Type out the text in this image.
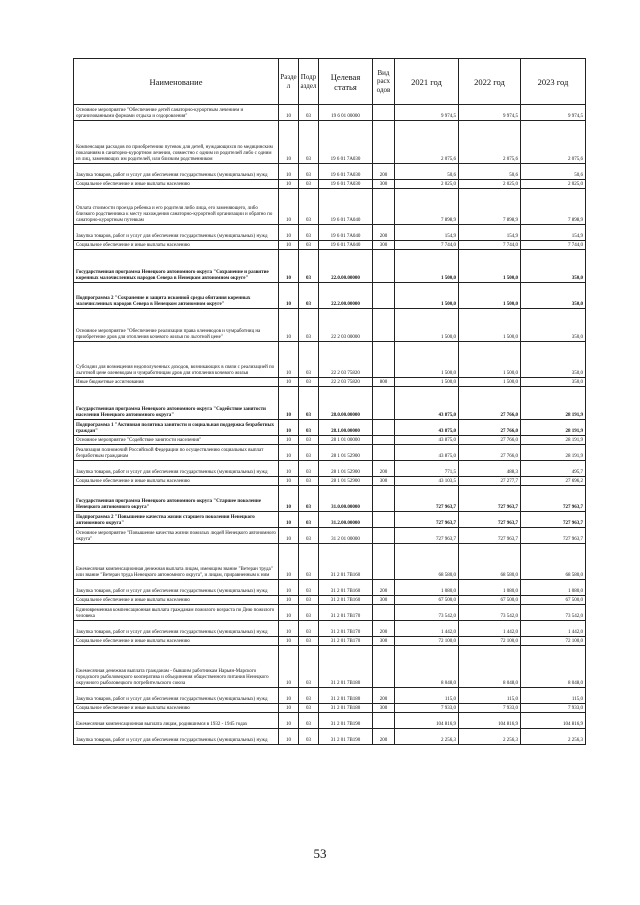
Наименование	Разде л	Подр аздел	Целевая статья	Вид расх одов	2021 год	2022 год	2023 год
Основное мероприятие "Обеспечение детей санаторно-курортным лечением и организованными формами отдыха и оздоровления"	10	03	19 6 01 00000		9 974,5	9 974,5	9 974,5
Компенсация расходов по приобретению путевок для детей, нуждающихся по медицинским показаниям в санаторно-курортном лечении, совместно с одним из родителей либо с одним из лиц, заменяющих им родителей, или близким родственником	10	03	19 6 01 7А030		2 075,6	2 075,6	2 075,6
Закупка товаров, работ и услуг для обеспечения государственных (муниципальных) нужд	10	03	19 6 01 7А030	200	50,6	50,6	50,6
Социальное обеспечение и иные выплаты населению	10	03	19 6 01 7А030	300	2 025,0	2 025,0	2 025,0
Оплата стоимости проезда ребенка и его родителя либо лица, его заменяющего, либо близкого родственника к месту нахождения санаторно-курортной организации и обратно по санаторно-курортным путевкам	10	03	19 6 01 7А040		7 898,9	7 898,9	7 898,9
Закупка товаров, работ и услуг для обеспечения государственных (муниципальных) нужд	10	03	19 6 01 7А040	200	154,9	154,9	154,9
Социальное обеспечение и иные выплаты населению	10	03	19 6 01 7А040	300	7 744,0	7 744,0	7 744,0
Государственная программа Ненецкого автономного округа "Сохранение и развитие коренных малочисленных народов Севера в Ненецком автономном округе"	10	03	22.0.00.00000		1 500,0	1 500,0	350,0
Подпрограмма 2 "Сохранение и защита исконной среды обитания коренных малочисленных народов Севера в Ненецком автономном округе"	10	03	22.2.00.00000		1 500,0	1 500,0	350,0
Основное мероприятие "Обеспечение реализации права оленеводов и чумработниц на приобретение дров для отопления кочевого жилья по льготной цене"	10	03	22 2 03 00000		1 500,0	1 500,0	350,0
Субсидии для возмещения недополученных доходов, возникающих в связи с реализацией по льготной цене оленеводам и чумработницам дров для отопления кочевого жилья	10	03	22 2 03 75820		1 500,0	1 500,0	350,0
Иные бюджетные ассигнования	10	03	22 2 03 75820	800	1 500,0	1 500,0	350,0
Государственная программа Ненецкого автономного округа "Содействие занятости населения Ненецкого автономного округа"	10	03	28.0.00.00000		43 875,0	27 766,0	28 191,9
Подпрограмма 1 "Активная политика занятости и социальная поддержка безработных граждан"	10	03	28.1.00.00000		43 875,0	27 766,0	28 191,9
Основное мероприятие "Содействие занятости населения"	10	03	28 1 01 00000		43 875,0	27 766,0	28 191,9
Реализация полномочий Российской Федерации по осуществлению социальных выплат безработным гражданам	10	03	28 1 01 52900		43 875,0	27 766,0	28 191,9
Закупка товаров, работ и услуг для обеспечения государственных (муниципальных) нужд	10	03	28 1 01 52900	200	771,5	488,3	495,7
Социальное обеспечение и иные выплаты населению	10	03	28 1 01 52900	300	43 103,5	27 277,7	27 696,2
Государственная программа Ненецкого автономного округа "Старшее поколение Ненецкого автономного округа"	10	03	31.0.00.00000		727 963,7	727 963,7	727 963,7
Подпрограмма 2 "Повышение качества жизни старшего поколения Ненецкого автономного округа"	10	03	31.2.00.00000		727 963,7	727 963,7	727 963,7
Основное мероприятие "Повышение качества жизни пожилых людей Ненецкого автономного округа"	10	03	31 2 01 00000		727 963,7	727 963,7	727 963,7
Ежемесячная компенсационная денежная выплата лицам, имеющим звание "Ветеран труда" или звание "Ветеран труда Ненецкого автономного округа", и лицам, приравненным к ним	10	03	31 2 01 7В160		68 580,0	68 580,0	68 580,0
Закупка товаров, работ и услуг для обеспечения государственных (муниципальных) нужд	10	03	31 2 01 7В160	200	1 080,0	1 080,0	1 080,0
Социальное обеспечение и иные выплаты населению	10	03	31 2 01 7В160	300	67 500,0	67 500,0	67 500,0
Единовременная компенсационная выплата гражданам пожилого возраста по Дню пожилого человека	10	03	31 2 01 7В170		73 542,0	73 542,0	73 542,0
Закупка товаров, работ и услуг для обеспечения государственных (муниципальных) нужд	10	03	31 2 01 7В170	200	1 442,0	1 442,0	1 442,0
Социальное обеспечение и иные выплаты населению	10	03	31 2 01 7В170	300	72 100,0	72 100,0	72 100,0
Ежемесячная денежная выплата гражданам - бывшим работникам Нарьян-Марского городского рыболовецкого кооператива и объединения общественного питания Ненецкого окружного рыболовецкого потребительского союза	10	03	31 2 01 7В180		8 048,0	8 048,0	8 048,0
Закупка товаров, работ и услуг для обеспечения государственных (муниципальных) нужд	10	03	31 2 01 7В180	200	115,0	115,0	115,0
Социальное обеспечение и иные выплаты населению	10	03	31 2 01 7В180	300	7 933,0	7 933,0	7 933,0
Ежемесячная компенсационная выплата лицам, родившимся в 1932 - 1945 годах	10	03	31 2 01 7В190		104 816,9	104 816,9	104 816,9
Закупка товаров, работ и услуг для обеспечения государственных (муниципальных) нужд	10	03	31 2 01 7В190	200	2 256,3	2 256,3	2 256,3
53
